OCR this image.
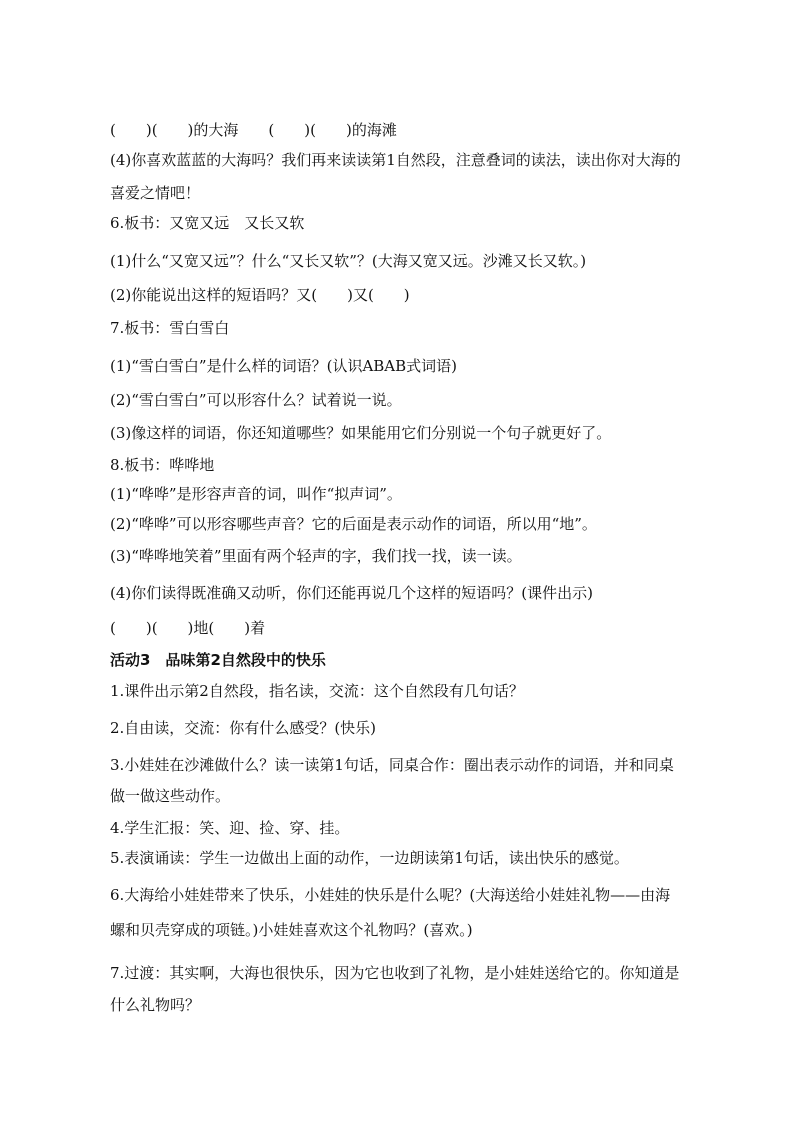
(　　)(　　)的大海　　(　　)(　　)的海滩
(4)你喜欢蓝蓝的大海吗？我们再来读读第1自然段，注意叠词的读法，读出你对大海的
喜爱之情吧！
6.板书：又宽又远　又长又软
(1)什么“又宽又远”？什么“又长又软”？(大海又宽又远。沙滩又长又软。)
(2)你能说出这样的短语吗？又(　　)又(　　)
7.板书：雪白雪白
(1)“雪白雪白”是什么样的词语？(认识ABAB式词语)
(2)“雪白雪白”可以形容什么？试着说一说。
(3)像这样的词语，你还知道哪些？如果能用它们分别说一个句子就更好了。
8.板书：哗哗地
(1)“哗哗”是形容声音的词，叫作“拟声词”。
(2)“哗哗”可以形容哪些声音？它的后面是表示动作的词语，所以用“地”。
(3)“哗哗地笑着”里面有两个轻声的字，我们找一找，读一读。
(4)你们读得既准确又动听，你们还能再说几个这样的短语吗？(课件出示)
(　　)(　　)地(　　)着
活动3　品味第2自然段中的快乐
1.课件出示第2自然段，指名读，交流：这个自然段有几句话？
2.自由读，交流：你有什么感受？(快乐)
3.小娃娃在沙滩做什么？读一读第1句话，同桌合作：圈出表示动作的词语，并和同桌
做一做这些动作。
4.学生汇报：笑、迎、捡、穿、挂。
5.表演诵读：学生一边做出上面的动作，一边朗读第1句话，读出快乐的感觉。
6.大海给小娃娃带来了快乐，小娃娃的快乐是什么呢？(大海送给小娃娃礼物——由海
螺和贝壳穿成的项链。)小娃娃喜欢这个礼物吗？(喜欢。)
7.过渡：其实啊，大海也很快乐，因为它也收到了礼物，是小娃娃送给它的。你知道是
什么礼物吗？
